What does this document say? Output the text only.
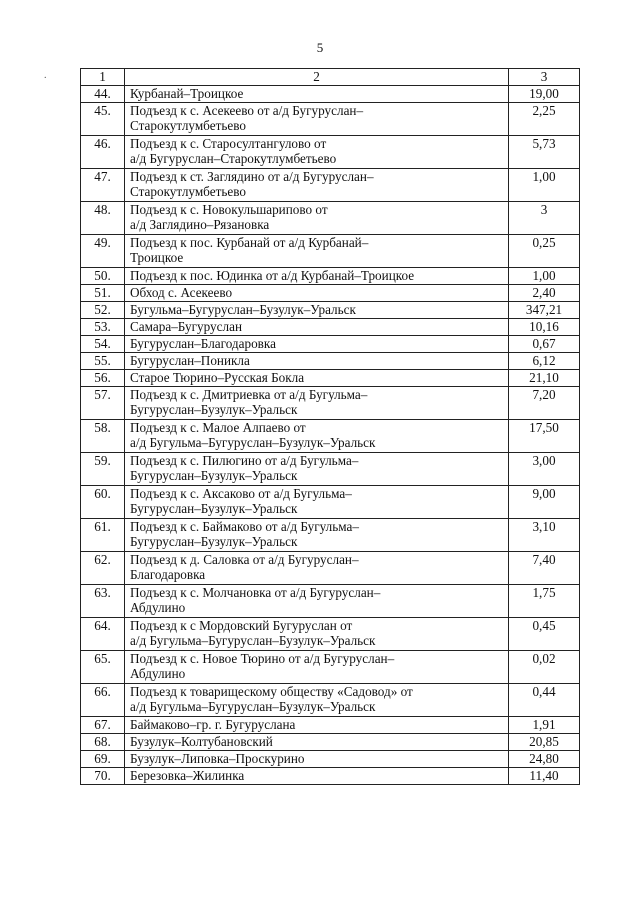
5
.	1	2	3
44.	Курбанай–Троицкое	19,00
45.	Подъезд к с. Асекеево от а/д Бугуруслан–
Старокутлумбетьево	2,25
46.	Подъезд к с. Старосултангулово от
а/д Бугуруслан–Старокутлумбетьево	5,73
47.	Подъезд к ст. Заглядино от а/д Бугуруслан–
Старокутлумбетьево	1,00
48.	Подъезд к с. Новокульшарипово от
а/д Заглядино–Рязановка	3
49.	Подъезд к пос. Курбанай от а/д Курбанай–
Троицкое	0,25
50.	Подъезд к пос. Юдинка от а/д Курбанай–Троицкое	1,00
51.	Обход с. Асекеево	2,40
52.	Бугульма–Бугуруслан–Бузулук–Уральск	347,21
53.	Самара–Бугуруслан	10,16
54.	Бугуруслан–Благодаровка	0,67
55.	Бугуруслан–Поникла	6,12
56.	Старое Тюрино–Русская Бокла	21,10
57.	Подъезд к с. Дмитриевка от а/д Бугульма–
Бугуруслан–Бузулук–Уральск	7,20
58.	Подъезд к с. Малое Алпаево от
а/д Бугульма–Бугуруслан–Бузулук–Уральск	17,50
59.	Подъезд к с. Пилюгино от а/д Бугульма–
Бугуруслан–Бузулук–Уральск	3,00
60.	Подъезд к с. Аксаково от а/д Бугульма–
Бугуруслан–Бузулук–Уральск	9,00
61.	Подъезд к с. Баймаково от а/д Бугульма–
Бугуруслан–Бузулук–Уральск	3,10
62.	Подъезд к д. Саловка от а/д Бугуруслан–
Благодаровка	7,40
63.	Подъезд к с. Молчановка от а/д Бугуруслан–
Абдулино	1,75
64.	Подъезд к с Мордовский Бугуруслан от
а/д Бугульма–Бугуруслан–Бузулук–Уральск	0,45
65.	Подъезд к с. Новое Тюрино от а/д Бугуруслан–
Абдулино	0,02
66.	Подъезд к товарищескому обществу «Садовод» от
а/д Бугульма–Бугуруслан–Бузулук–Уральск	0,44
67.	Баймаково–гр. г. Бугуруслана	1,91
68.	Бузулук–Колтубановский	20,85
69.	Бузулук–Липовка–Проскурино	24,80
70.	Березовка–Жилинка	11,40
